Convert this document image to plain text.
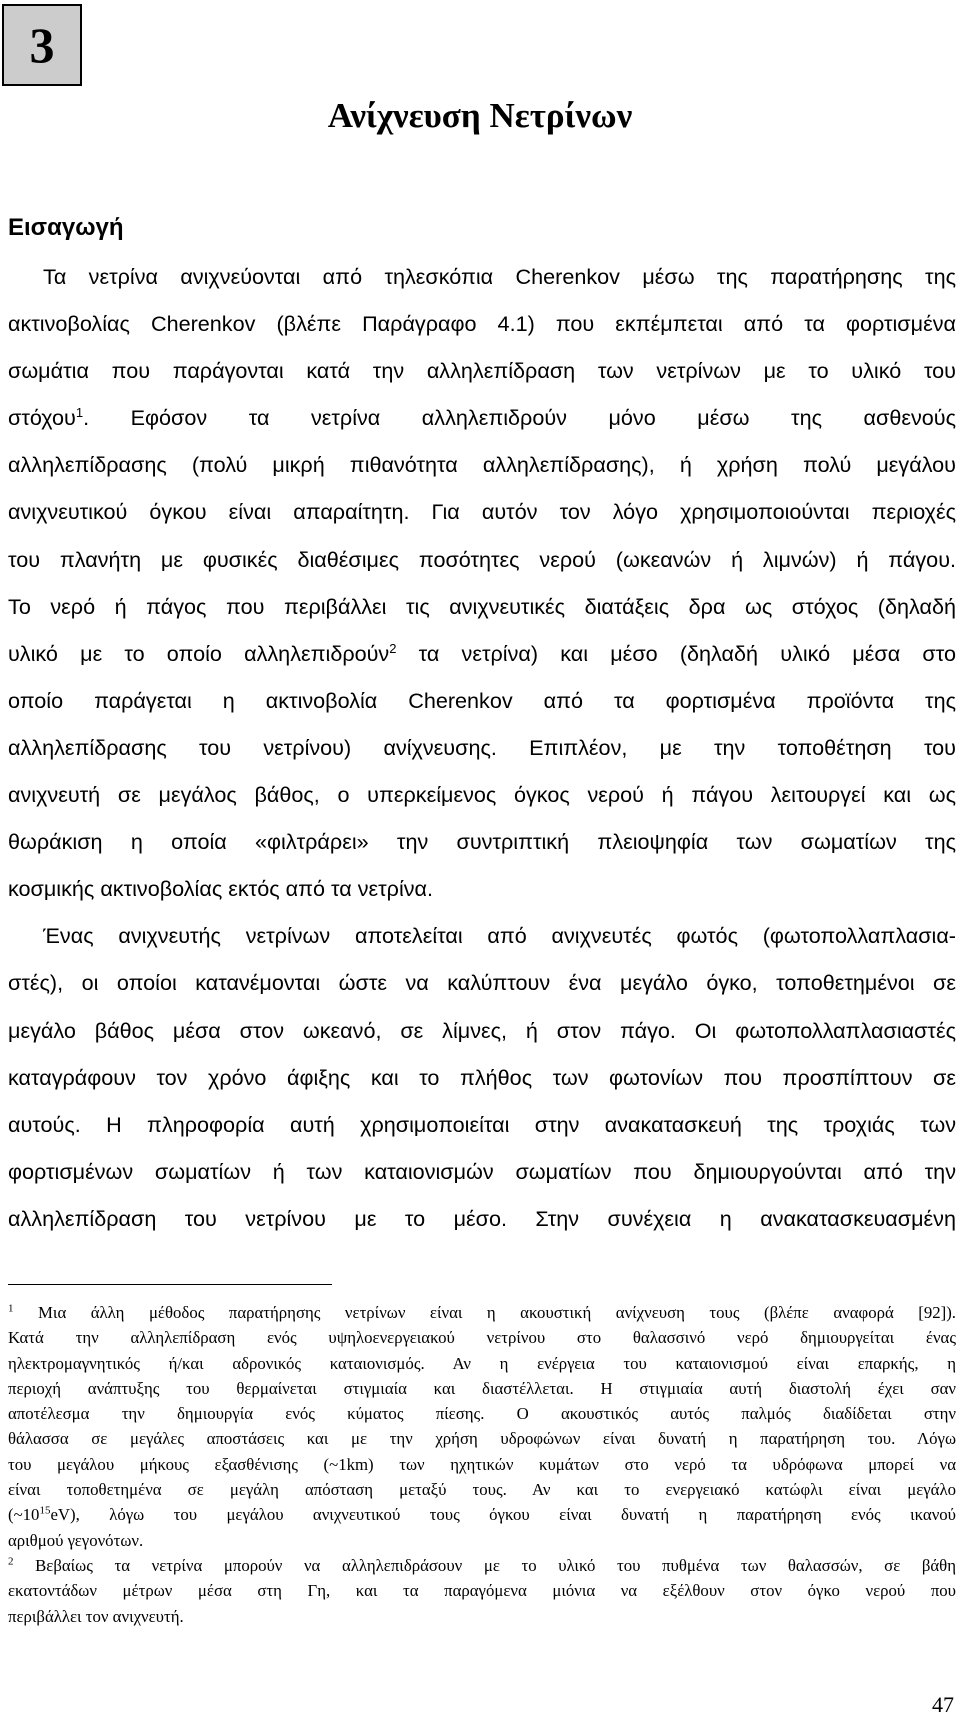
3
Ανίχνευση Νετρίνων
Εισαγωγή
Τα νετρίνα ανιχνεύονται από τηλεσκόπια Cherenkov μέσω της παρατήρησης της
ακτινοβολίας Cherenkov (βλέπε Παράγραφο 4.1) που εκπέμπεται από τα φορτισμένα
σωμάτια που παράγονται κατά την αλληλεπίδραση των νετρίνων με το υλικό του
στόχου$^1$. Εφόσον τα νετρίνα αλληλεπιδρούν μόνο μέσω της ασθενούς
αλληλεπίδρασης (πολύ μικρή πιθανότητα αλληλεπίδρασης), ή χρήση πολύ μεγάλου
ανιχνευτικού όγκου είναι απαραίτητη. Για αυτόν τον λόγο χρησιμοποιούνται περιοχές
του πλανήτη με φυσικές διαθέσιμες ποσότητες νερού (ωκεανών ή λιμνών) ή πάγου.
Το νερό ή πάγος που περιβάλλει τις ανιχνευτικές διατάξεις δρα ως στόχος (δηλαδή
υλικό με το οποίο αλληλεπιδρούν$^2$ τα νετρίνα) και μέσο (δηλαδή υλικό μέσα στο
οποίο παράγεται η ακτινοβολία Cherenkov από τα φορτισμένα προϊόντα της
αλληλεπίδρασης του νετρίνου) ανίχνευσης. Επιπλέον, με την τοποθέτηση του
ανιχνευτή σε μεγάλος βάθος, ο υπερκείμενος όγκος νερού ή πάγου λειτουργεί και ως
θωράκιση η οποία «φιλτράρει» την συντριπτική πλειοψηφία των σωματίων της
κοσμικής ακτινοβολίας εκτός από τα νετρίνα.
Ένας ανιχνευτής νετρίνων αποτελείται από ανιχνευτές φωτός (φωτοπολλαπλασια-
στές), οι οποίοι κατανέμονται ώστε να καλύπτουν ένα μεγάλο όγκο, τοποθετημένοι σε
μεγάλο βάθος μέσα στον ωκεανό, σε λίμνες, ή στον πάγο. Οι φωτοπολλαπλασιαστές
καταγράφουν τον χρόνο άφιξης και το πλήθος των φωτονίων που προσπίπτουν σε
αυτούς. Η πληροφορία αυτή χρησιμοποιείται στην ανακατασκευή της τροχιάς των
φορτισμένων σωματίων ή των καταιονισμών σωματίων που δημιουργούνται από την
αλληλεπίδραση του νετρίνου με το μέσο. Στην συνέχεια η ανακατασκευασμένη
$^1$ Μια άλλη μέθοδος παρατήρησης νετρίνων είναι η ακουστική ανίχνευση τους (βλέπε αναφορά [92]).
Κατά την αλληλεπίδραση ενός υψηλοενεργειακού νετρίνου στο θαλασσινό νερό δημιουργείται ένας
ηλεκτρομαγνητικός ή/και αδρονικός καταιονισμός. Αν η ενέργεια του καταιονισμού είναι επαρκής, η
περιοχή ανάπτυξης του θερμαίνεται στιγμιαία και διαστέλλεται. Η στιγμιαία αυτή διαστολή έχει σαν
αποτέλεσμα την δημιουργία ενός κύματος πίεσης. Ο ακουστικός αυτός παλμός διαδίδεται στην
θάλασσα σε μεγάλες αποστάσεις και με την χρήση υδροφώνων είναι δυνατή η παρατήρηση του. Λόγω
του μεγάλου μήκους εξασθένισης (~1km) των ηχητικών κυμάτων στο νερό τα υδρόφωνα μπορεί να
είναι τοποθετημένα σε μεγάλη απόσταση μεταξύ τους. Αν και το ενεργειακό κατώφλι είναι μεγάλο
$(\sim 10^{15}eV)$, λόγω του μεγάλου ανιχνευτικού τους όγκου είναι δυνατή η παρατήρηση ενός ικανού
αριθμού γεγονότων.
$^2$ Βεβαίως τα νετρίνα μπορούν να αλληλεπιδράσουν με το υλικό του πυθμένα των θαλασσών, σε βάθη
εκατοντάδων μέτρων μέσα στη Γη, και τα παραγόμενα μιόνια να εξέλθουν στον όγκο νερού που
περιβάλλει τον ανιχνευτή.
47
